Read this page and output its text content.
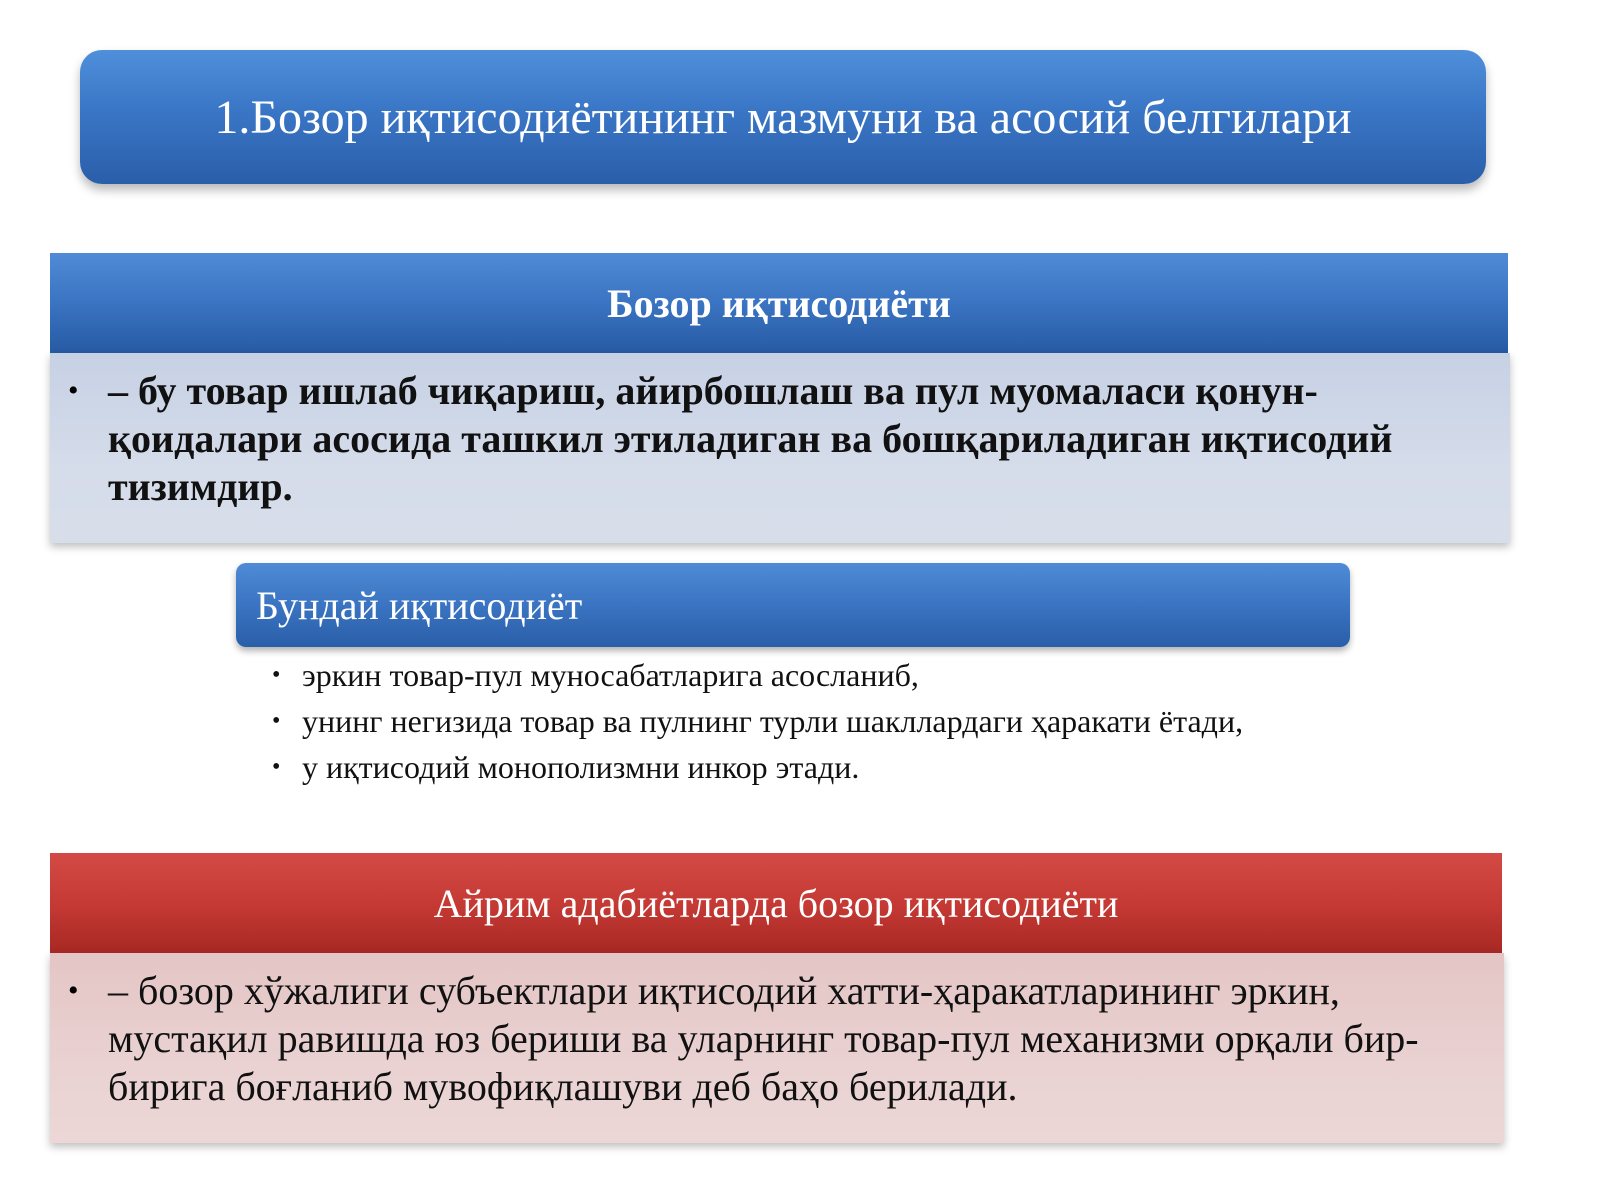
1.Бозор иқтисодиётининг мазмуни ва асосий белгилари
Бозор иқтисодиёти
• – бу товар ишлаб чиқариш, айирбошлаш ва пул муомаласи қонун-қоидалари асосида ташкил этиладиган ва бошқариладиган иқтисодий тизимдир.
Бундай иқтисодиёт
• эркин товар-пул муносабатларига асосланиб,
• унинг негизида товар ва пулнинг турли шакллардаги ҳаракати ётади,
• у иқтисодий монополизмни инкор этади.
Айрим адабиётларда бозор иқтисодиёти
• – бозор хўжалиги субъектлари иқтисодий хатти-ҳаракатларининг эркин, мустақил равишда юз бериши ва уларнинг товар-пул механизми орқали бир-бирига боғланиб мувофиқлашуви деб баҳо берилади.
